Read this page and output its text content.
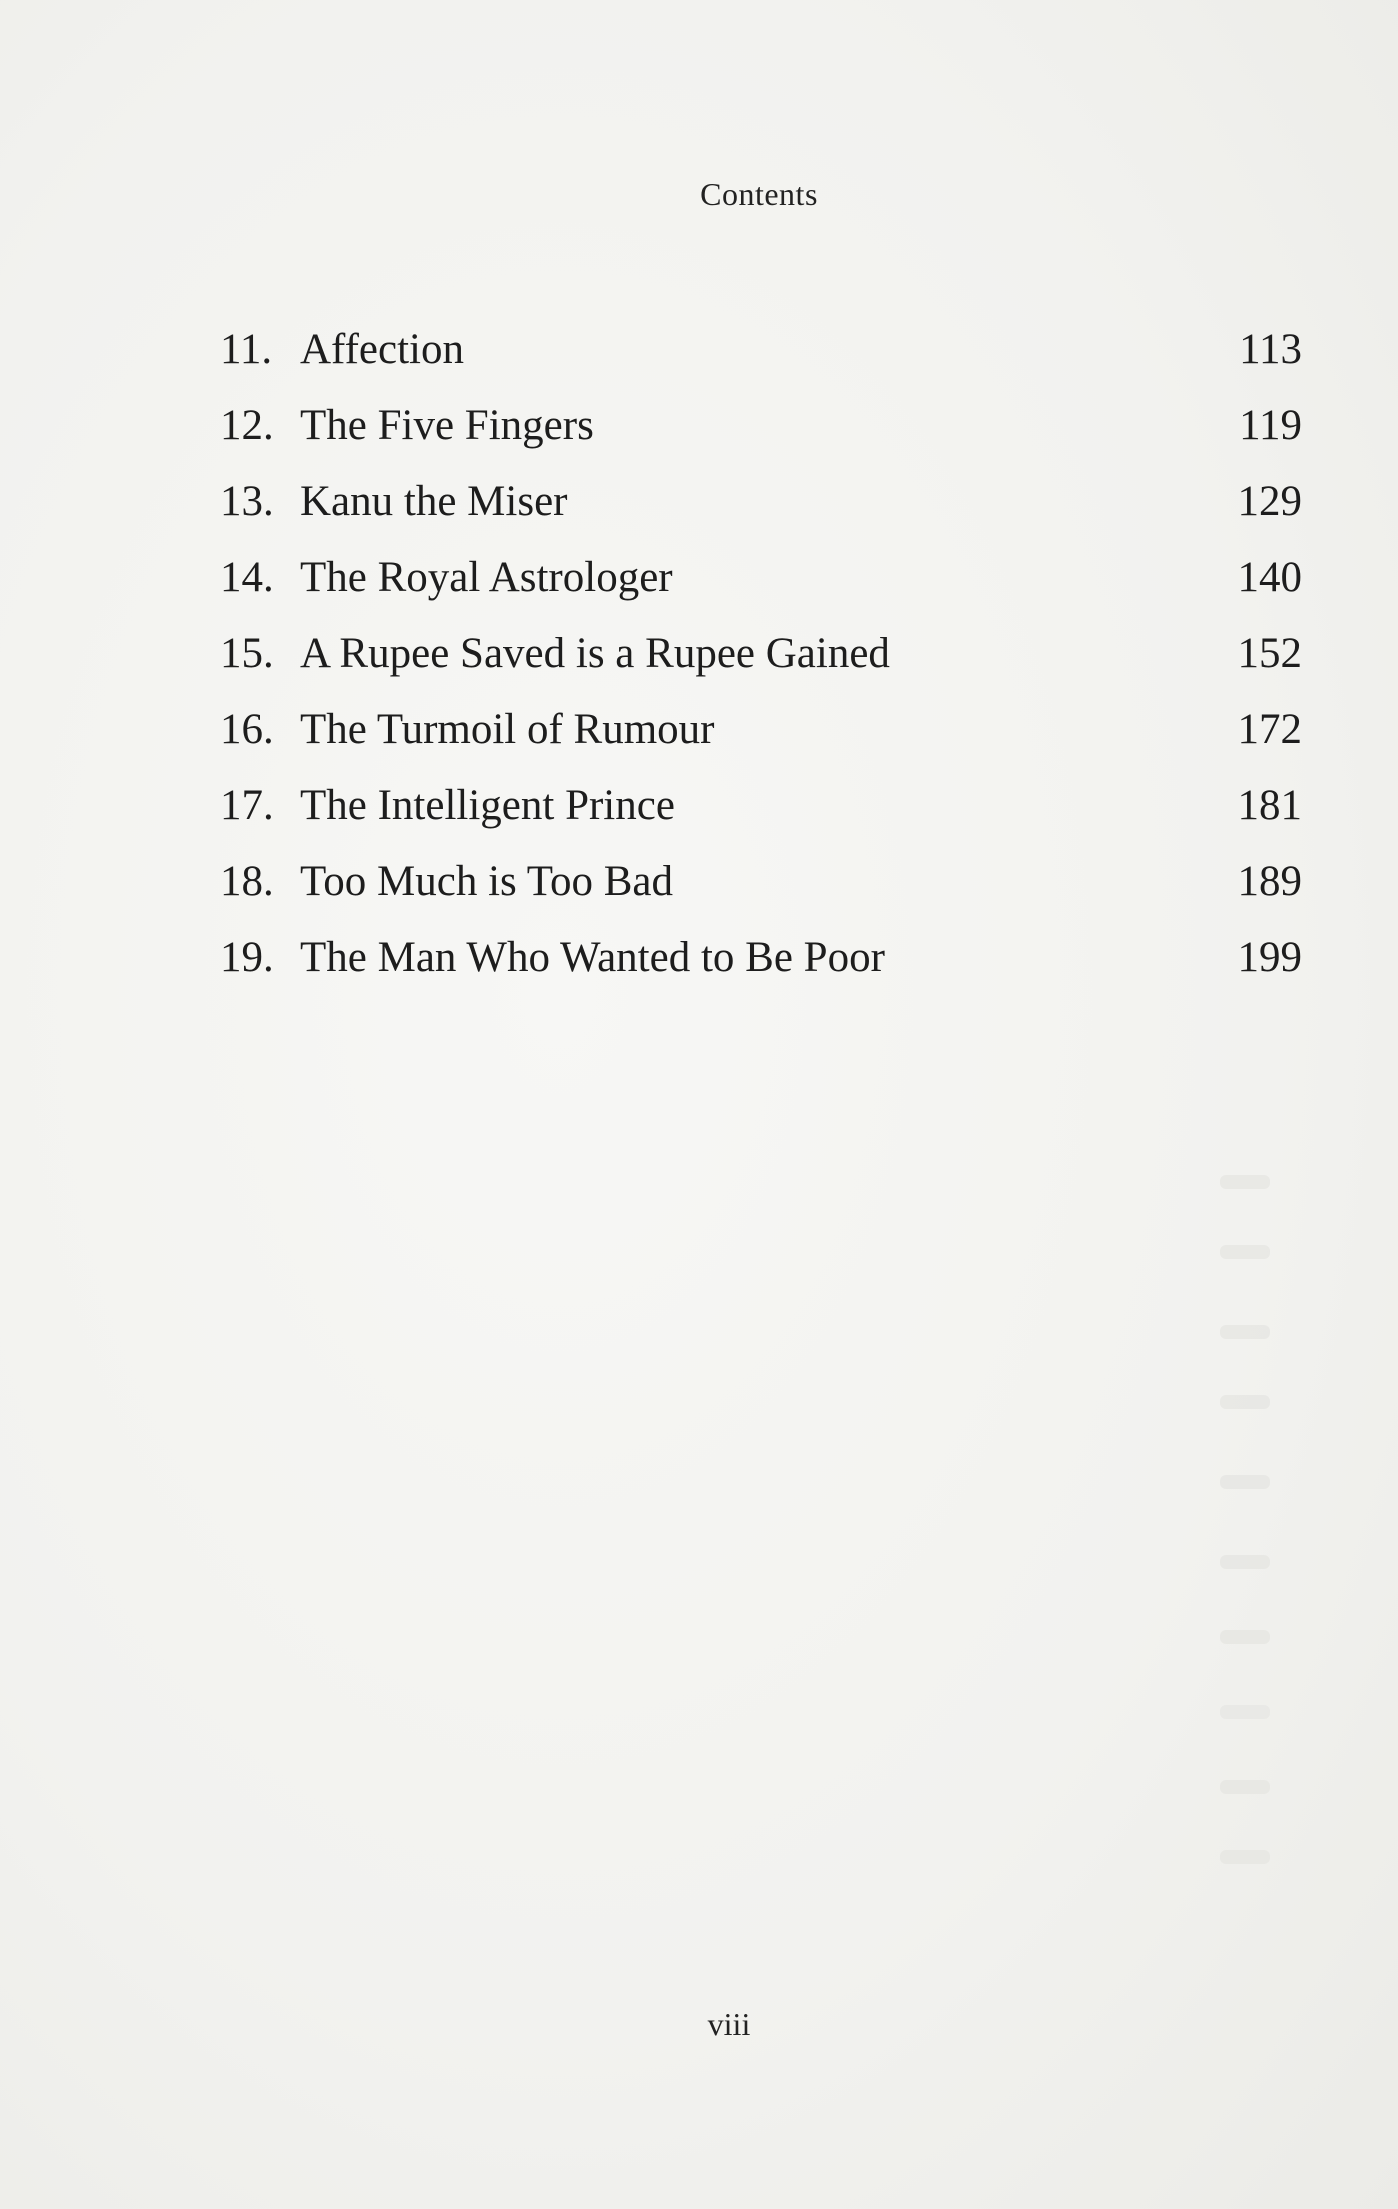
Contents
11. Affection	113
12. The Five Fingers	119
13. Kanu the Miser	129
14. The Royal Astrologer	140
15. A Rupee Saved is a Rupee Gained	152
16. The Turmoil of Rumour	172
17. The Intelligent Prince	181
18. Too Much is Too Bad	189
19. The Man Who Wanted to Be Poor	199
viii
